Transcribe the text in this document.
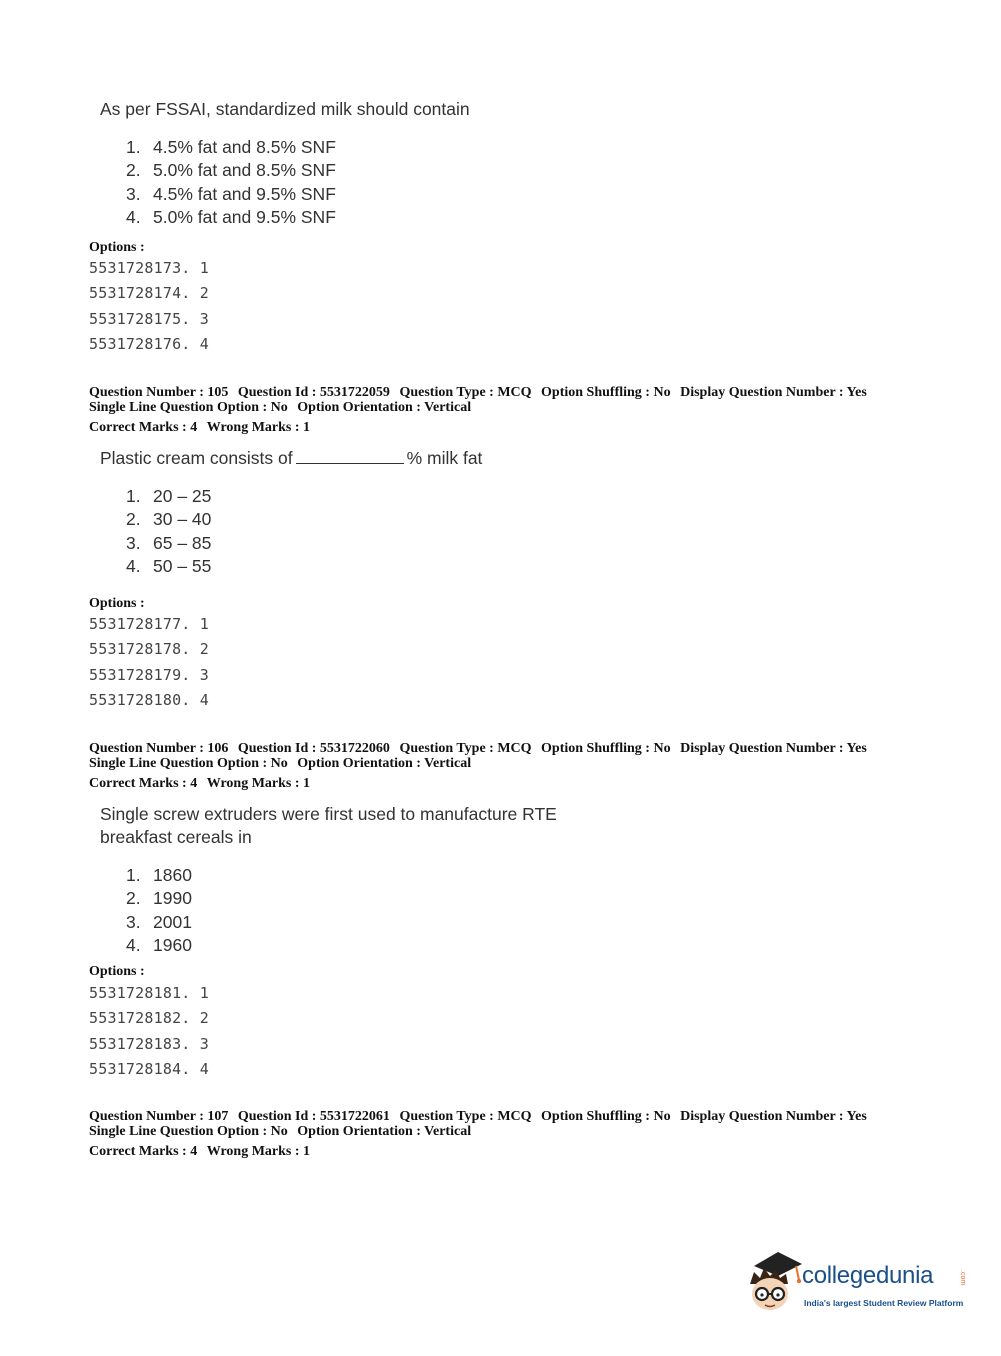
As per FSSAI, standardized milk should contain
1. 4.5% fat and 8.5% SNF
2. 5.0% fat and 8.5% SNF
3. 4.5% fat and 9.5% SNF
4. 5.0% fat and 9.5% SNF
Options :
5531728173. 1
5531728174. 2
5531728175. 3
5531728176. 4
Question Number : 105 Question Id : 5531722059 Question Type : MCQ Option Shuffling : No Display Question Number : Yes
Single Line Question Option : No Option Orientation : Vertical
Correct Marks : 4 Wrong Marks : 1
Plastic cream consists of	% milk fat
1. 20 – 25
2. 30 – 40
3. 65 – 85
4. 50 – 55
Options :
5531728177. 1
5531728178. 2
5531728179. 3
5531728180. 4
Question Number : 106 Question Id : 5531722060 Question Type : MCQ Option Shuffling : No Display Question Number : Yes
Single Line Question Option : No Option Orientation : Vertical
Correct Marks : 4 Wrong Marks : 1
Single screw extruders were first used to manufacture RTE
breakfast cereals in
1. 1860
2. 1990
3. 2001
4. 1960
Options :
5531728181. 1
5531728182. 2
5531728183. 3
5531728184. 4
Question Number : 107 Question Id : 5531722061 Question Type : MCQ Option Shuffling : No Display Question Number : Yes
Single Line Question Option : No Option Orientation : Vertical
Correct Marks : 4 Wrong Marks : 1
collegedunia	.com
India's largest Student Review Platform
